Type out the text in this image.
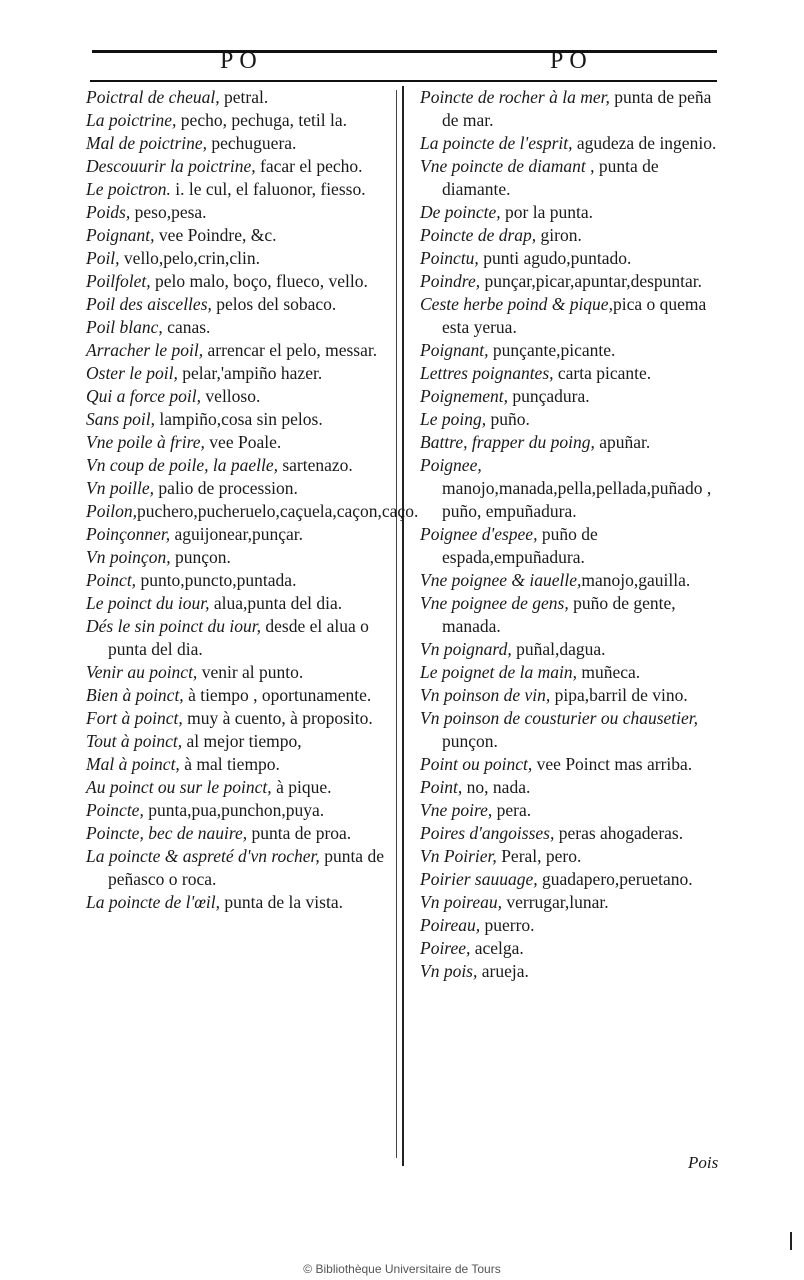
PO	PO
Poictral de cheual, petral.
La poictrine, pecho, pechuga, tetil la.
Mal de poictrine, pechuguera.
Descouurir la poictrine, facar el pecho.
Le poictron. i. le cul, el faluonor, fiesso.
Poids, peso,pesa.
Poignant, vee Poindre, &c.
Poil, vello,pelo,crin,clin.
Poilfolet, pelo malo, boço, flueco, vello.
Poil des aiscelles, pelos del sobaco.
Poil blanc, canas.
Arracher le poil, arrencar el pelo, messar.
Oster le poil, pelar,'ampiño hazer.
Qui a force poil, velloso.
Sans poil, lampiño,cosa sin pelos.
Vne poile à frire, vee Poale.
Vn coup de poile, la paelle, sartenazo.
Vn poille, palio de procession.
Poilon,puchero,pucheruelo,caçuela,caçon,caço.
Poinçonner, aguijonear,punçar.
Vn poinçon, punçon.
Poinct, punto,puncto,puntada.
Le poinct du iour, alua,punta del dia.
Dés le sin poinct du iour, desde el alua o punta del dia.
Venir au poinct, venir al punto.
Bien à poinct, à tiempo , oportunamente.
Fort à poinct, muy à cuento, à proposito.
Tout à poinct, al mejor tiempo,
Mal à poinct, à mal tiempo.
Au poinct ou sur le poinct, à pique.
Poincte, punta,pua,punchon,puya.
Poincte, bec de nauire, punta de proa.
La poincte & aspreté d'vn rocher, punta de peñasco o roca.
La poincte de l'œil, punta de la vista.
Poincte de rocher à la mer, punta de peña de mar.
La poincte de l'esprit, agudeza de ingenio.
Vne poincte de diamant , punta de diamante.
De poincte, por la punta.
Poincte de drap, giron.
Poinctu, punti agudo,puntado.
Poindre, punçar,picar,apuntar,despuntar.
Ceste herbe poind & pique,pica o quema esta yerua.
Poignant, punçante,picante.
Lettres poignantes, carta picante.
Poignement, punçadura.
Le poing, puño.
Battre, frapper du poing, apuñar.
Poignee, manojo,manada,pella,pellada,puñado , puño, empuñadura.
Poignee d'espee, puño de espada,empuñadura.
Vne poignee & iauelle,manojo,gauilla.
Vne poignee de gens, puño de gente, manada.
Vn poignard, puñal,dagua.
Le poignet de la main, muñeca.
Vn poinson de vin, pipa,barril de vino.
Vn poinson de cousturier ou chausetier, punçon.
Point ou poinct, vee Poinct mas arriba.
Point, no, nada.
Vne poire, pera.
Poires d'angoisses, peras ahogaderas.
Vn Poirier, Peral, pero.
Poirier sauuage, guadapero,peruetano.
Vn poireau, verrugar,lunar.
Poireau, puerro.
Poiree, acelga.
Vn pois, aruejа.
Pois
© Bibliothèque Universitaire de Tours
